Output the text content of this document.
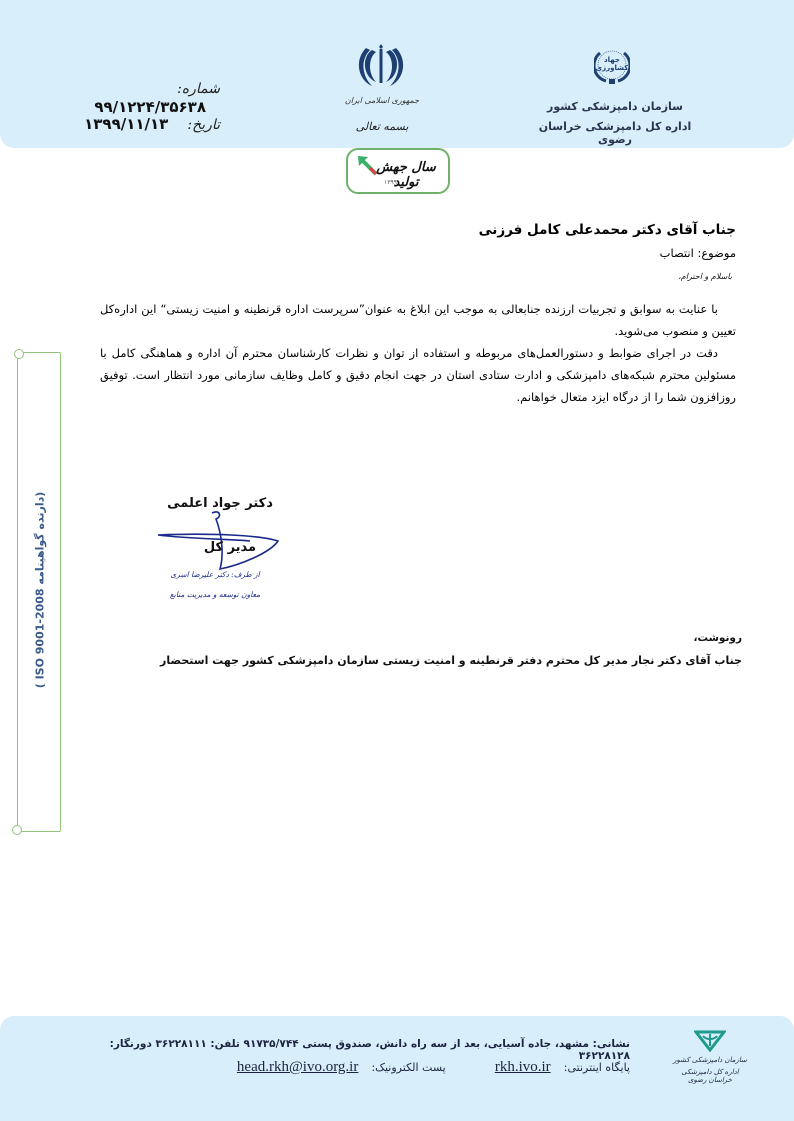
شماره: ۹۹/۱۲۲۴/۳۵۶۳۸
تاریخ: ۱۳۹۹/۱۱/۱۳
جمهوری اسلامی ایران
بسمه تعالی
جهاد کشاورزی
سازمان دامپزشکی کشور
اداره کل دامپزشکی خراسان رضوی
سال جهش تولید
۱۳۹۹
جناب آقای دکتر محمدعلی کامل فرزنی
موضوع: انتصاب
باسلام و احترام،
با عنایت به سوابق و تجربیات ارزنده جنابعالی به موجب این ابلاغ به عنوان”سرپرست اداره قرنطینه و امنیت زیستی“ این اداره‌کل تعیین و منصوب می‌شوید.
دقت در اجرای ضوابط و دستورالعمل‌های مربوطه و استفاده از توان و نظرات کارشناسان محترم آن اداره و هماهنگی کامل با مسئولین محترم شبکه‌های دامپزشکی و ادارت ستادی استان در جهت انجام دقیق و کامل وظایف سازمانی مورد انتظار است. توفیق روزافزون شما را از درگاه ایزد متعال خواهانم.
دکتر جواد اعلمی
مدیر کل
از طرف: دکتر علیرضا اسری
معاون توسعه و مدیریت منابع
رونوشت،
جناب آقای دکتر نجار مدیر کل محترم دفتر قرنطینه و امنیت زیستی سازمان دامپزشکی کشور جهت استحضار
( ISO 9001-2008 دارنده گواهینامه)
نشانی: مشهد، جاده آسیایی، بعد از سه راه دانش، صندوق پستی ۹۱۷۳۵/۷۴۴ تلفن: ۳۶۲۲۸۱۱۱ دورنگار: ۳۶۲۲۸۱۲۸
پایگاه اینترنتی: rkh.ivo.ir پست الکترونیک: head.rkh@ivo.org.ir	سازمان دامپزشکی کشور
اداره کل دامپزشکی خراسان رضوی
